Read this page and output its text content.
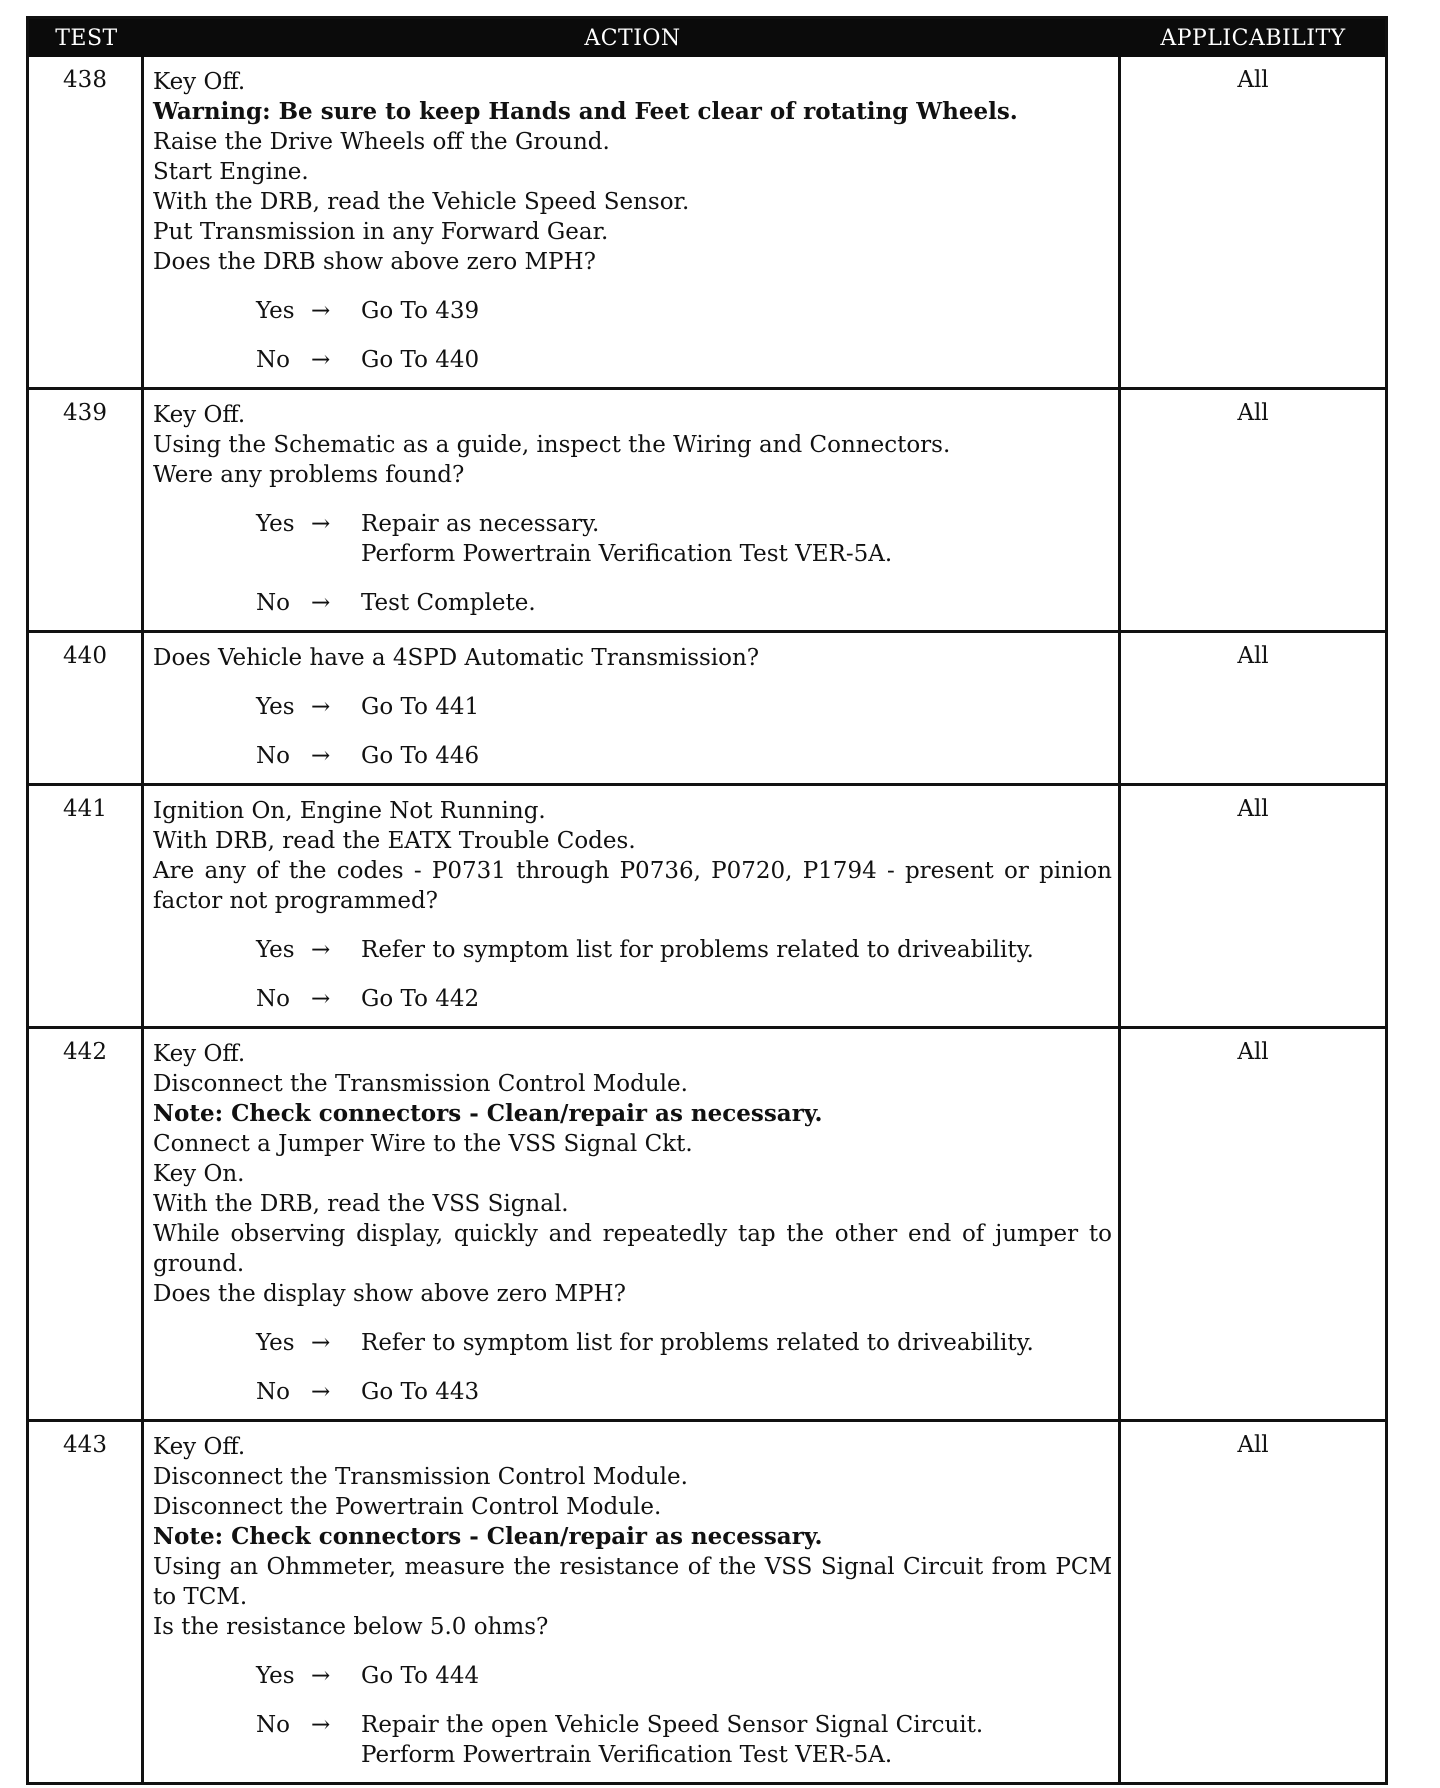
TEST	ACTION	APPLICABILITY
438	Key Off.
Warning: Be sure to keep Hands and Feet clear of rotating Wheels.
Raise the Drive Wheels off the Ground.
Start Engine.
With the DRB, read the Vehicle Speed Sensor.
Put Transmission in any Forward Gear.
Does the DRB show above zero MPH?
Yes →	Go To 439
No →	Go To 440
All
439	Key Off.
Using the Schematic as a guide, inspect the Wiring and Connectors.
Were any problems found?
Yes →	Repair as necessary.
Perform Powertrain Verification Test VER-5A.
No →	Test Complete.
All
440	Does Vehicle have a 4SPD Automatic Transmission?
Yes →	Go To 441
No →	Go To 446
All
441	Ignition On, Engine Not Running.
With DRB, read the EATX Trouble Codes.
Are any of the codes - P0731 through P0736, P0720, P1794 - present or pinion factor not programmed?
Yes →	Refer to symptom list for problems related to driveability.
No →	Go To 442
All
442	Key Off.
Disconnect the Transmission Control Module.
Note: Check connectors - Clean/repair as necessary.
Connect a Jumper Wire to the VSS Signal Ckt.
Key On.
With the DRB, read the VSS Signal.
While observing display, quickly and repeatedly tap the other end of jumper to ground.
Does the display show above zero MPH?
Yes →	Refer to symptom list for problems related to driveability.
No →	Go To 443
All
443	Key Off.
Disconnect the Transmission Control Module.
Disconnect the Powertrain Control Module.
Note: Check connectors - Clean/repair as necessary.
Using an Ohmmeter, measure the resistance of the VSS Signal Circuit from PCM to TCM.
Is the resistance below 5.0 ohms?
Yes →	Go To 444
No →	Repair the open Vehicle Speed Sensor Signal Circuit.
Perform Powertrain Verification Test VER-5A.
All
